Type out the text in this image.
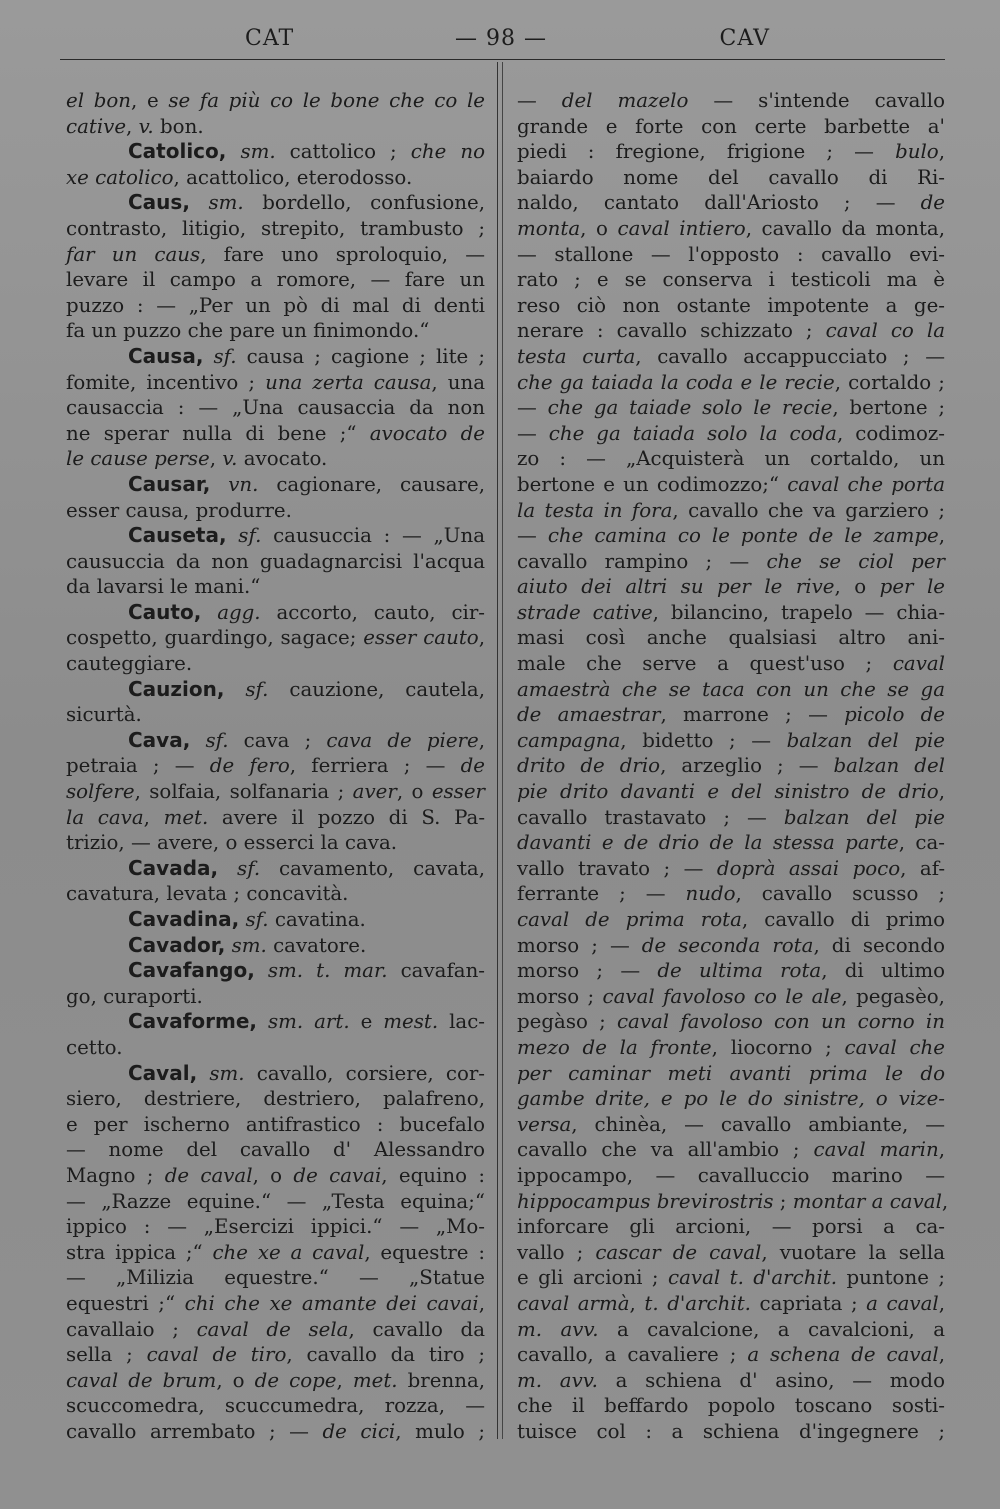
CAT	— 98 —	CAV
el bon, e se fa più co le bone che co le
cative, v. bon.
Catolico, sm. cattolico ; che no
xe catolico, acattolico, eterodosso.
Caus, sm. bordello, confusione,
contrasto, litigio, strepito, trambusto ;
far un caus, fare uno sproloquio, —
levare il campo a romore, — fare un
puzzo : — „Per un pò di mal di denti
fa un puzzo che pare un finimondo.“
Causa, sf. causa ; cagione ; lite ;
fomite, incentivo ; una zerta causa, una
causaccia : — „Una causaccia da non
ne sperar nulla di bene ;“ avocato de
le cause perse, v. avocato.
Causar, vn. cagionare, causare,
esser causa, produrre.
Causeta, sf. causuccia : — „Una
causuccia da non guadagnarcisi l'acqua
da lavarsi le mani.“
Cauto, agg. accorto, cauto, cir-
cospetto, guardingo, sagace; esser cauto,
cauteggiare.
Cauzion, sf. cauzione, cautela,
sicurtà.
Cava, sf. cava ; cava de piere,
petraia ; — de fero, ferriera ; — de
solfere, solfaia, solfanaria ; aver, o esser
la cava, met. avere il pozzo di S. Pa-
trizio, — avere, o esserci la cava.
Cavada, sf. cavamento, cavata,
cavatura, levata ; concavità.
Cavadina, sf. cavatina.
Cavador, sm. cavatore.
Cavafango, sm. t. mar. cavafan-
go, curaporti.
Cavaforme, sm. art. e mest. lac-
cetto.
Caval, sm. cavallo, corsiere, cor-
siero, destriere, destriero, palafreno,
e per ischerno antifrastico : bucefalo
— nome del cavallo d' Alessandro
Magno ; de caval, o de cavai, equino :
— „Razze equine.“ — „Testa equina;“
ippico : — „Esercizi ippici.“ — „Mo-
stra ippica ;“ che xe a caval, equestre :
— „Milizia equestre.“ — „Statue
equestri ;“ chi che xe amante dei cavai,
cavallaio ; caval de sela, cavallo da
sella ; caval de tiro, cavallo da tiro ;
caval de brum, o de cope, met. brenna,
scuccomedra, scuccumedra, rozza, —
cavallo arrembato ; — de cici, mulo ;
— del mazelo — s'intende cavallo
grande e forte con certe barbette a'
piedi : fregione, frigione ; — bulo,
baiardo nome del cavallo di Ri-
naldo, cantato dall'Ariosto ; — de
monta, o caval intiero, cavallo da monta,
— stallone — l'opposto : cavallo evi-
rato ; e se conserva i testicoli ma è
reso ciò non ostante impotente a ge-
nerare : cavallo schizzato ; caval co la
testa curta, cavallo accappucciato ; —
che ga taiada la coda e le recie, cortaldo ;
— che ga taiade solo le recie, bertone ;
— che ga taiada solo la coda, codimoz-
zo : — „Acquisterà un cortaldo, un
bertone e un codimozzo;“ caval che porta
la testa in fora, cavallo che va garziero ;
— che camina co le ponte de le zampe,
cavallo rampino ; — che se ciol per
aiuto dei altri su per le rive, o per le
strade cative, bilancino, trapelo — chia-
masi così anche qualsiasi altro ani-
male che serve a quest'uso ; caval
amaestrà che se taca con un che se ga
de amaestrar, marrone ; — picolo de
campagna, bidetto ; — balzan del pie
drito de drio, arzeglio ; — balzan del
pie drito davanti e del sinistro de drio,
cavallo trastavato ; — balzan del pie
davanti e de drio de la stessa parte, ca-
vallo travato ; — doprà assai poco, af-
ferrante ; — nudo, cavallo scusso ;
caval de prima rota, cavallo di primo
morso ; — de seconda rota, di secondo
morso ; — de ultima rota, di ultimo
morso ; caval favoloso co le ale, pegasèo,
pegàso ; caval favoloso con un corno in
mezo de la fronte, liocorno ; caval che
per caminar meti avanti prima le do
gambe drite, e po le do sinistre, o vize-
versa, chinèa, — cavallo ambiante, —
cavallo che va all'ambio ; caval marin,
ippocampo, — cavalluccio marino —
hippocampus brevirostris ; montar a caval,
inforcare gli arcioni, — porsi a ca-
vallo ; cascar de caval, vuotare la sella
e gli arcioni ; caval t. d'archit. puntone ;
caval armà, t. d'archit. capriata ; a caval,
m. avv. a cavalcione, a cavalcioni, a
cavallo, a cavaliere ; a schena de caval,
m. avv. a schiena d' asino, — modo
che il beffardo popolo toscano sosti-
tuisce col : a schiena d'ingegnere ;
